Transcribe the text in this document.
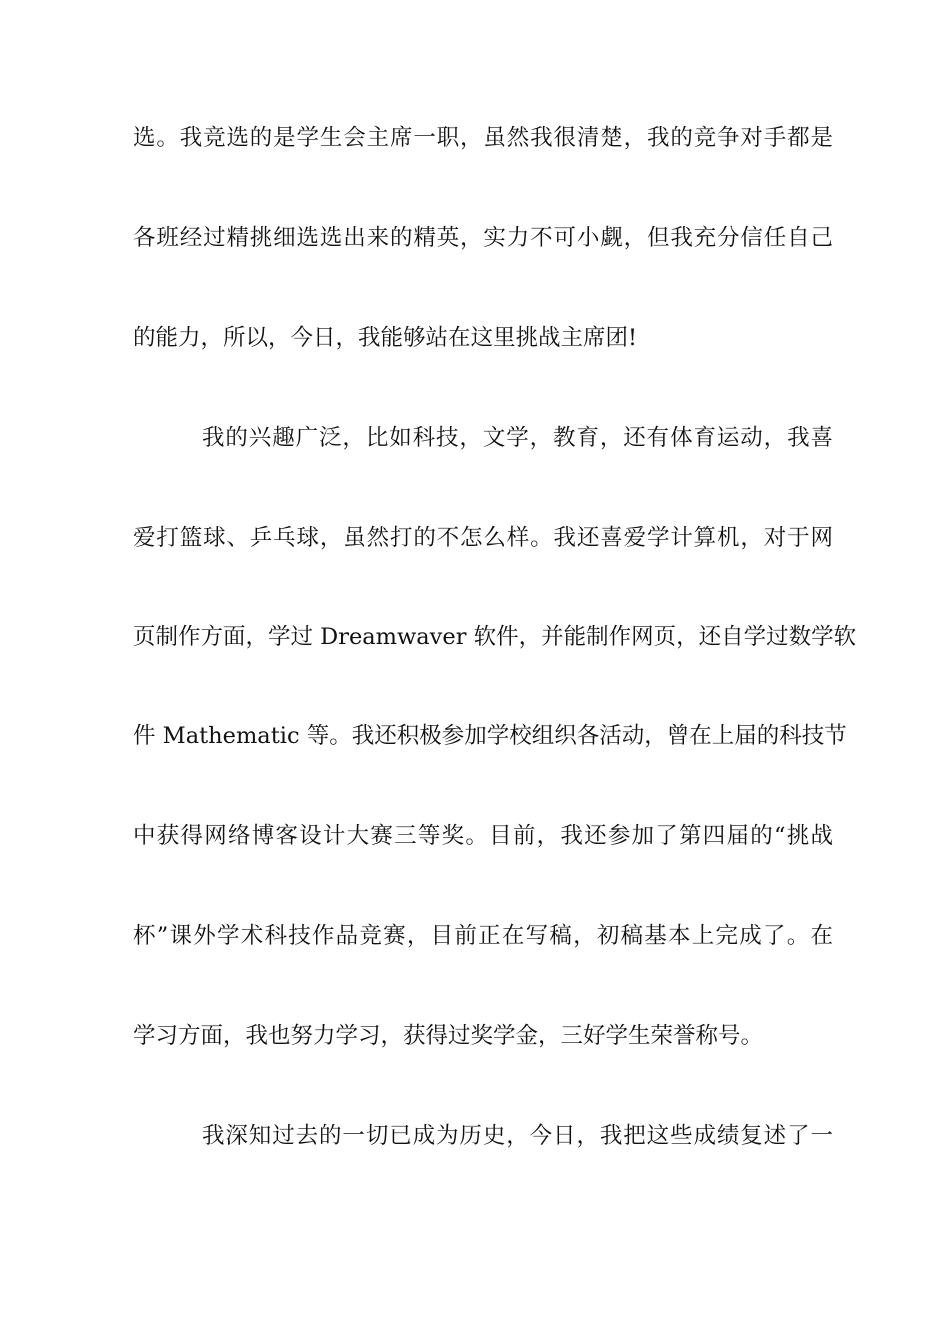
选。我竞选的是学生会主席一职，虽然我很清楚，我的竞争对手都是
各班经过精挑细选选出来的精英，实力不可小觑，但我充分信任自己
的能力，所以，今日，我能够站在这里挑战主席团!
我的兴趣广泛，比如科技，文学，教育，还有体育运动，我喜
爱打篮球、乒乓球，虽然打的不怎么样。我还喜爱学计算机，对于网
页制作方面，学过 Dreamwaver 软件，并能制作网页，还自学过数学软
件 Mathematic 等。我还积极参加学校组织各活动，曾在上届的科技节
中获得网络博客设计大赛三等奖。目前，我还参加了第四届的“挑战
杯”课外学术科技作品竞赛，目前正在写稿，初稿基本上完成了。在
学习方面，我也努力学习，获得过奖学金，三好学生荣誉称号。
我深知过去的一切已成为历史，今日，我把这些成绩复述了一
